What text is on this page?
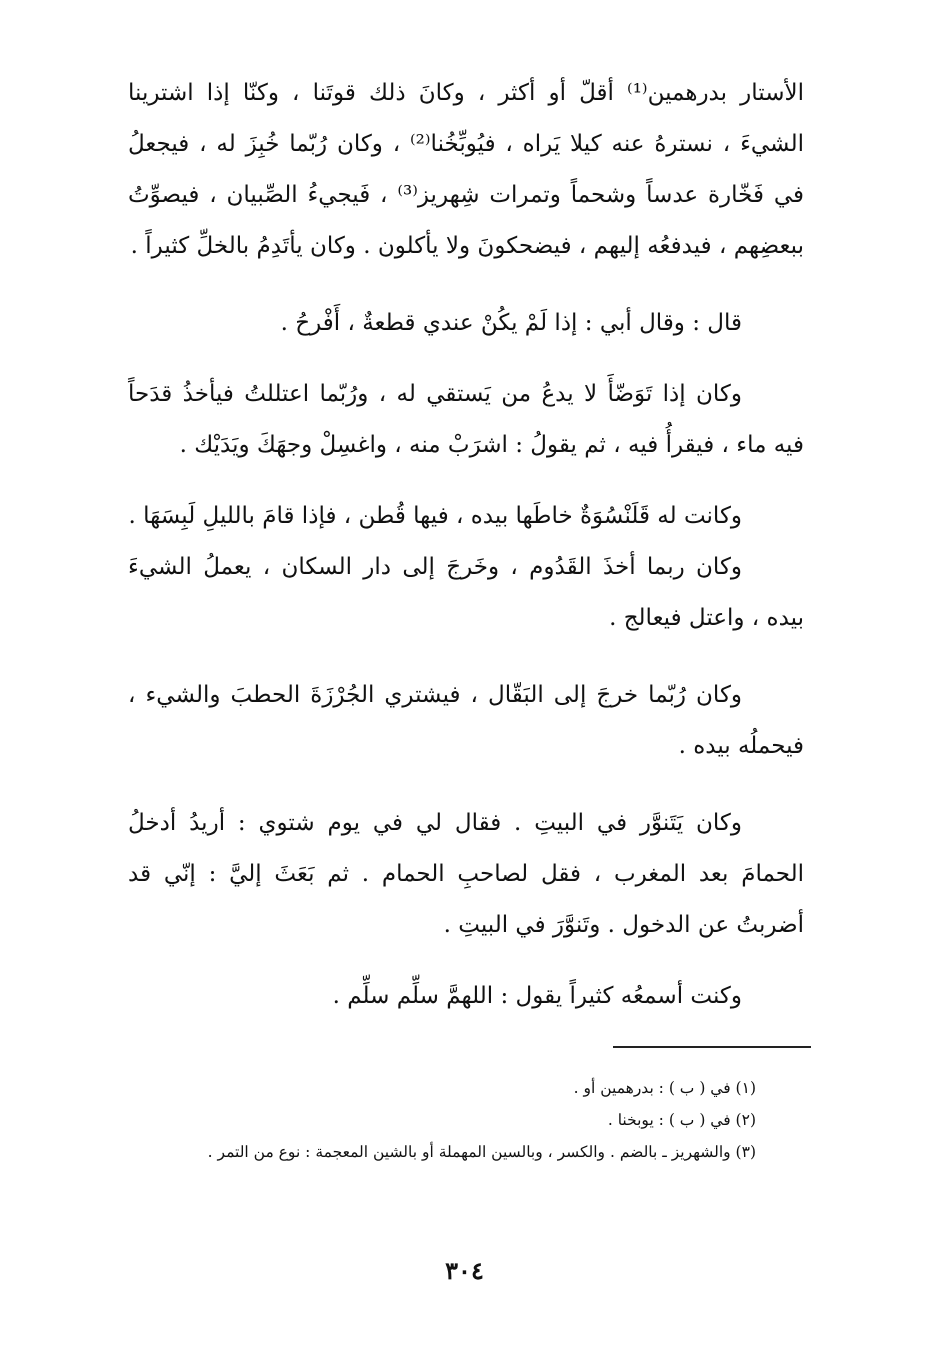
الأستار بدرهمين⁽¹⁾ أقلّ أو أكثر ، وكانَ ذلك قوتَنا ، وكنّا إذا اشترينا الشيءَ ، نسترهُ عنه كيلا يَراه ، فيُوبِّخُنا⁽²⁾ ، وكان رُبّما خُبِزَ له ، فيجعلُ في فَخّارة عدساً وشحماً وتمرات شِهريز⁽³⁾ ، فَيجيءُ الصِّبيان ، فيصوِّتُ ببعضِهم ، فيدفعُه إليهم ، فيضحكونَ ولا يأكلون . وكان يأتَدِمُ بالخلِّ كثيراً .

قال : وقال أبي : إذا لَمْ يكُنْ عندي قطعةٌ ، أَفْرحُ .

وكان إذا تَوَضّأَ لا يدعُ من يَستقي له ، ورُبّما اعتللتُ فيأخذُ قدَحاً فيه ماء ، فيقرأُ فيه ، ثم يقولُ : اشرَبْ منه ، واغسِلْ وجهَكَ ويَدَيْك .

وكانت له قَلَنْسُوَةٌ خاطَها بيده ، فيها قُطن ، فإذا قامَ بالليلِ لَبِسَهَا .

وكان ربما أخذَ القَدُوم ، وخَرجَ إلى دار السكان ، يعملُ الشيءَ بيده ، واعتل فيعالج .

وكان رُبّما خرجَ إلى البَقّال ، فيشتري الجُرْزَةَ الحطبَ والشيء ، فيحملُه بيده .

وكان يَتَنوَّر في البيتِ . فقال لي في يوم شتوي : أريدُ أدخلُ الحمامَ بعد المغرب ، فقل لصاحبِ الحمام . ثم بَعَثَ إليَّ : إنّي قد أضربتُ عن الدخول . وتَنوَّرَ في البيتِ .

وكنت أسمعُه كثيراً يقول : اللهمَّ سلِّم سلِّم .

(١) في ( ب ) : بدرهمين أو .

(٢) في ( ب ) : يوبخنا .

(٣) والشهريز ـ بالضم . والكسر ، وبالسين المهملة أو بالشين المعجمة : نوع من التمر .

٣٠٤
